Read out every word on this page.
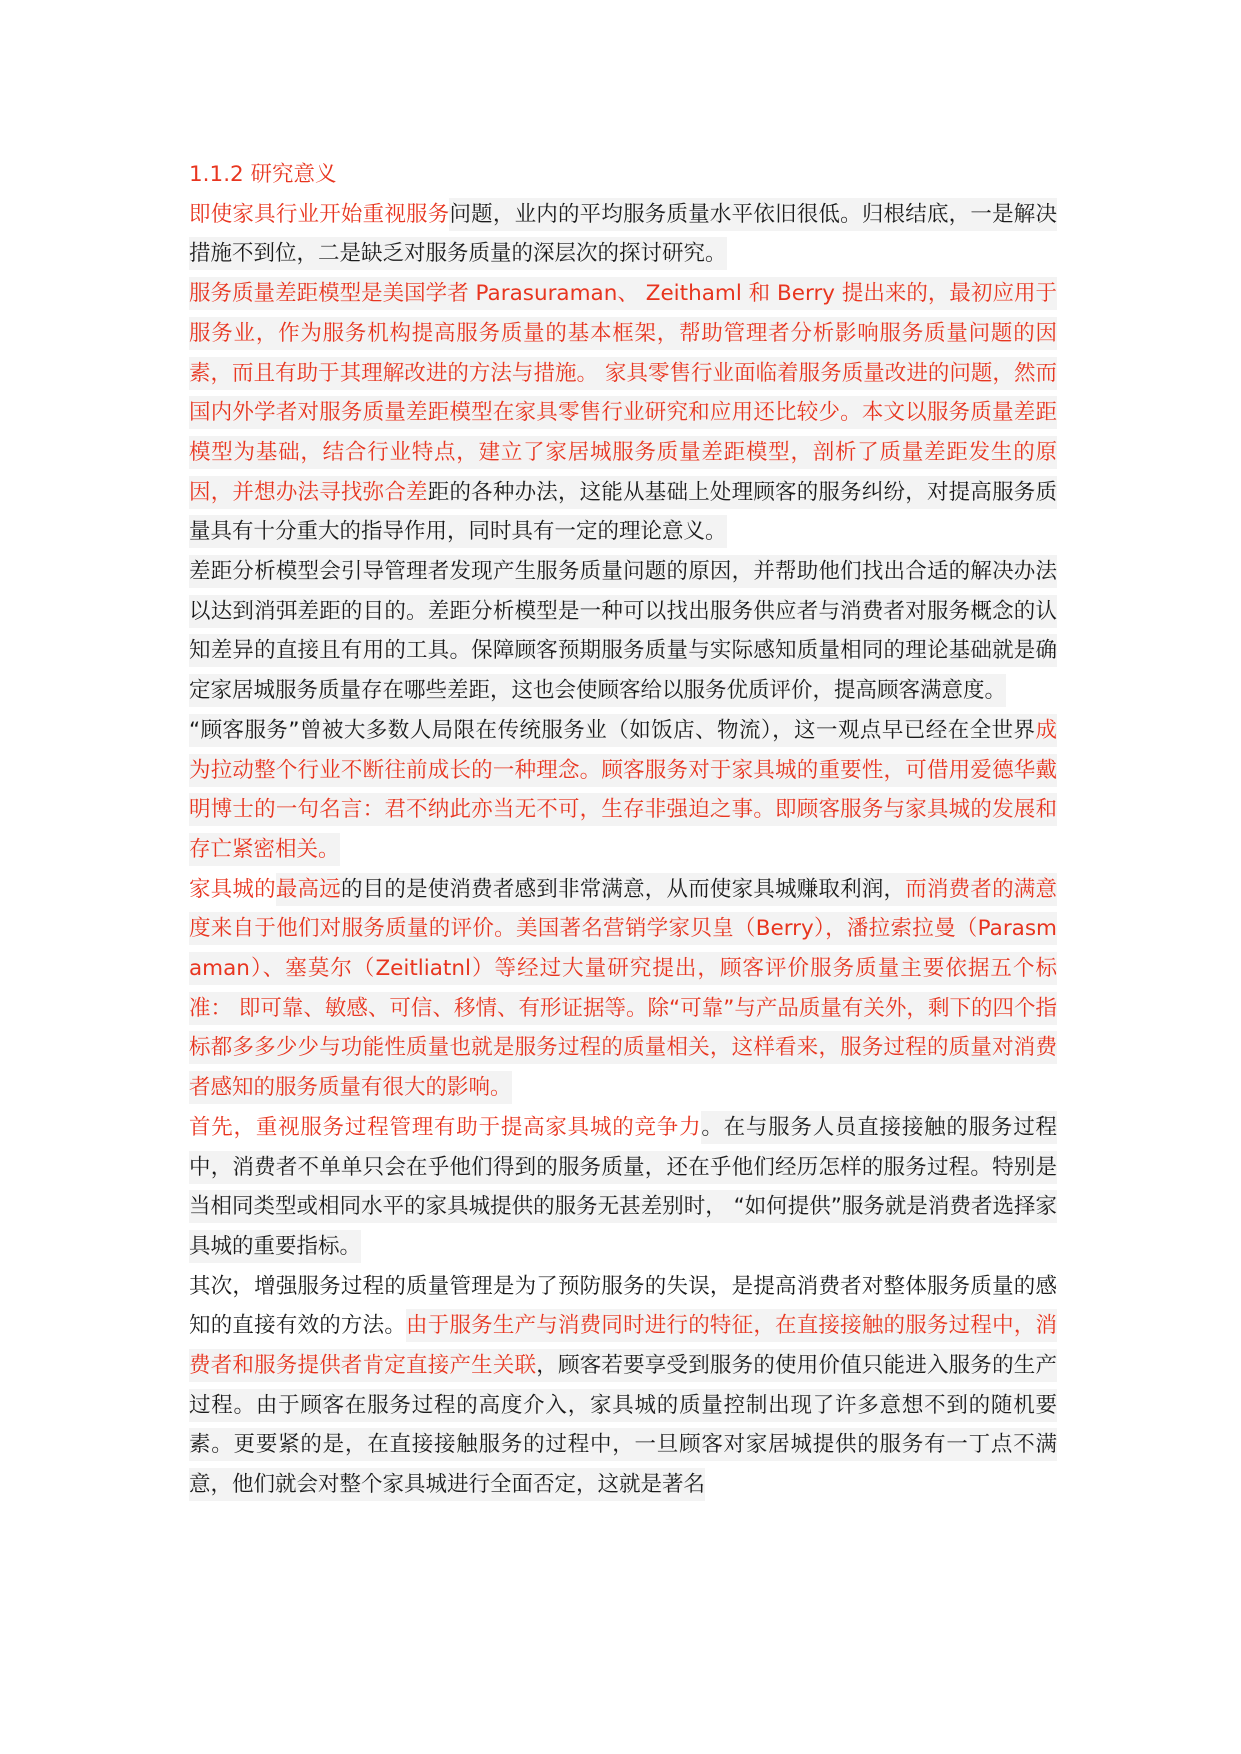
1.1.2 研究意义

即使家具行业开始重视服务问题，业内的平均服务质量水平依旧很低。归根结底，一是解决措施不到位，二是缺乏对服务质量的深层次的探讨研究。

服务质量差距模型是美国学者 Parasuraman、 Zeithaml 和 Berry 提出来的，最初应用于服务业，作为服务机构提高服务质量的基本框架，帮助管理者分析影响服务质量问题的因素，而且有助于其理解改进的方法与措施。 家具零售行业面临着服务质量改进的问题，然而国内外学者对服务质量差距模型在家具零售行业研究和应用还比较少。本文以服务质量差距模型为基础，结合行业特点，建立了家居城服务质量差距模型，剖析了质量差距发生的原因，并想办法寻找弥合差距的各种办法，这能从基础上处理顾客的服务纠纷，对提高服务质量具有十分重大的指导作用，同时具有一定的理论意义。

差距分析模型会引导管理者发现产生服务质量问题的原因，并帮助他们找出合适的解决办法以达到消弭差距的目的。差距分析模型是一种可以找出服务供应者与消费者对服务概念的认知差异的直接且有用的工具。保障顾客预期服务质量与实际感知质量相同的理论基础就是确定家居城服务质量存在哪些差距，这也会使顾客给以服务优质评价，提高顾客满意度。

“顾客服务”曾被大多数人局限在传统服务业（如饭店、物流），这一观点早已经在全世界成为拉动整个行业不断往前成长的一种理念。顾客服务对于家具城的重要性，可借用爱德华戴明博士的一句名言：君不纳此亦当无不可，生存非强迫之事。即顾客服务与家具城的发展和存亡紧密相关。

家具城的最高远的目的是使消费者感到非常满意，从而使家具城赚取利润，而消费者的满意度来自于他们对服务质量的评价。美国著名营销学家贝皇（Berry），潘拉索拉曼（Parasmaman）、塞莫尔（Zeitliatnl）等经过大量研究提出，顾客评价服务质量主要依据五个标准： 即可靠、敏感、可信、移情、有形证据等。除“可靠”与产品质量有关外，剩下的四个指标都多多少少与功能性质量也就是服务过程的质量相关，这样看来，服务过程的质量对消费者感知的服务质量有很大的影响。

首先，重视服务过程管理有助于提高家具城的竞争力。在与服务人员直接接触的服务过程中，消费者不单单只会在乎他们得到的服务质量，还在乎他们经历怎样的服务过程。特别是当相同类型或相同水平的家具城提供的服务无甚差别时， “如何提供”服务就是消费者选择家具城的重要指标。

其次，增强服务过程的质量管理是为了预防服务的失误，是提高消费者对整体服务质量的感知的直接有效的方法。由于服务生产与消费同时进行的特征，在直接接触的服务过程中，消费者和服务提供者肯定直接产生关联，顾客若要享受到服务的使用价值只能进入服务的生产过程。由于顾客在服务过程的高度介入，家具城的质量控制出现了许多意想不到的随机要素。更要紧的是，在直接接触服务的过程中，一旦顾客对家居城提供的服务有一丁点不满意，他们就会对整个家具城进行全面否定，这就是著名
